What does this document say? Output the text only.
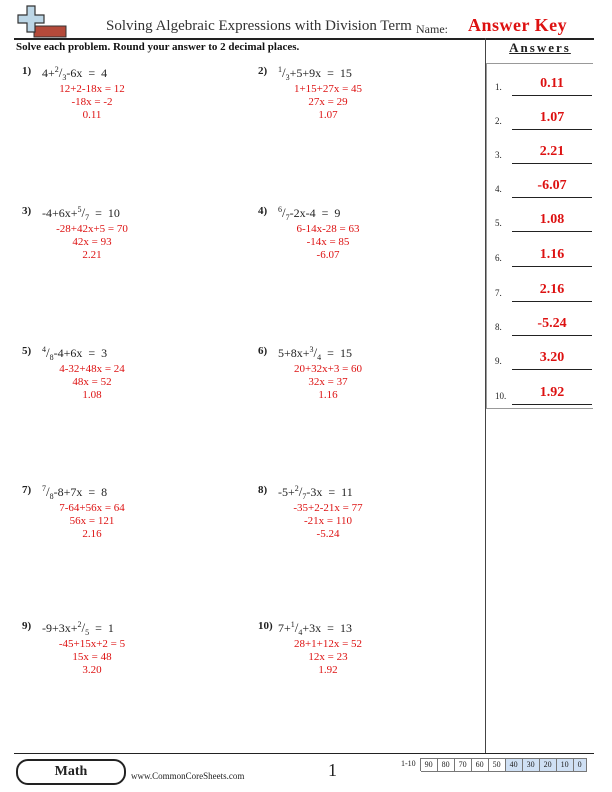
Solving Algebraic Expressions with Division Term Name: Answer Key
Solve each problem. Round your answer to 2 decimal places.	Answers
1.	0.11
2.	1.07
3.	2.21
4.	-6.07
5.	1.08
6.	1.16
7.	2.16
8.	-5.24
9.	3.20
10.	1.92
1) $4+^2/_3-6x = 4$
12+2-18x = 12
-18x = -2
0.11
2) $^1/_3+5+9x = 15$
1+15+27x = 45
27x = 29
1.07
3) $-4+6x+^5/_7 = 10$
-28+42x+5 = 70
42x = 93
2.21
4) $^6/_7-2x-4 = 9$
6-14x-28 = 63
-14x = 85
-6.07
5) $^4/_8-4+6x = 3$
4-32+48x = 24
48x = 52
1.08
6) $5+8x+^3/_4 = 15$
20+32x+3 = 60
32x = 37
1.16
7) $^7/_8-8+7x = 8$
7-64+56x = 64
56x = 121
2.16
8) $-5+^2/_7-3x = 11$
-35+2-21x = 77
-21x = 110
-5.24
9) $-9+3x+^2/_5 = 1$
-45+15x+2 = 5
15x = 48
3.20
10) $7+^1/_4+3x = 13$
28+1+12x = 52
12x = 23
1.92
Math	www.CommonCoreSheets.com	1	1-10	90	80	70	60	50	40	30	20	10	0
